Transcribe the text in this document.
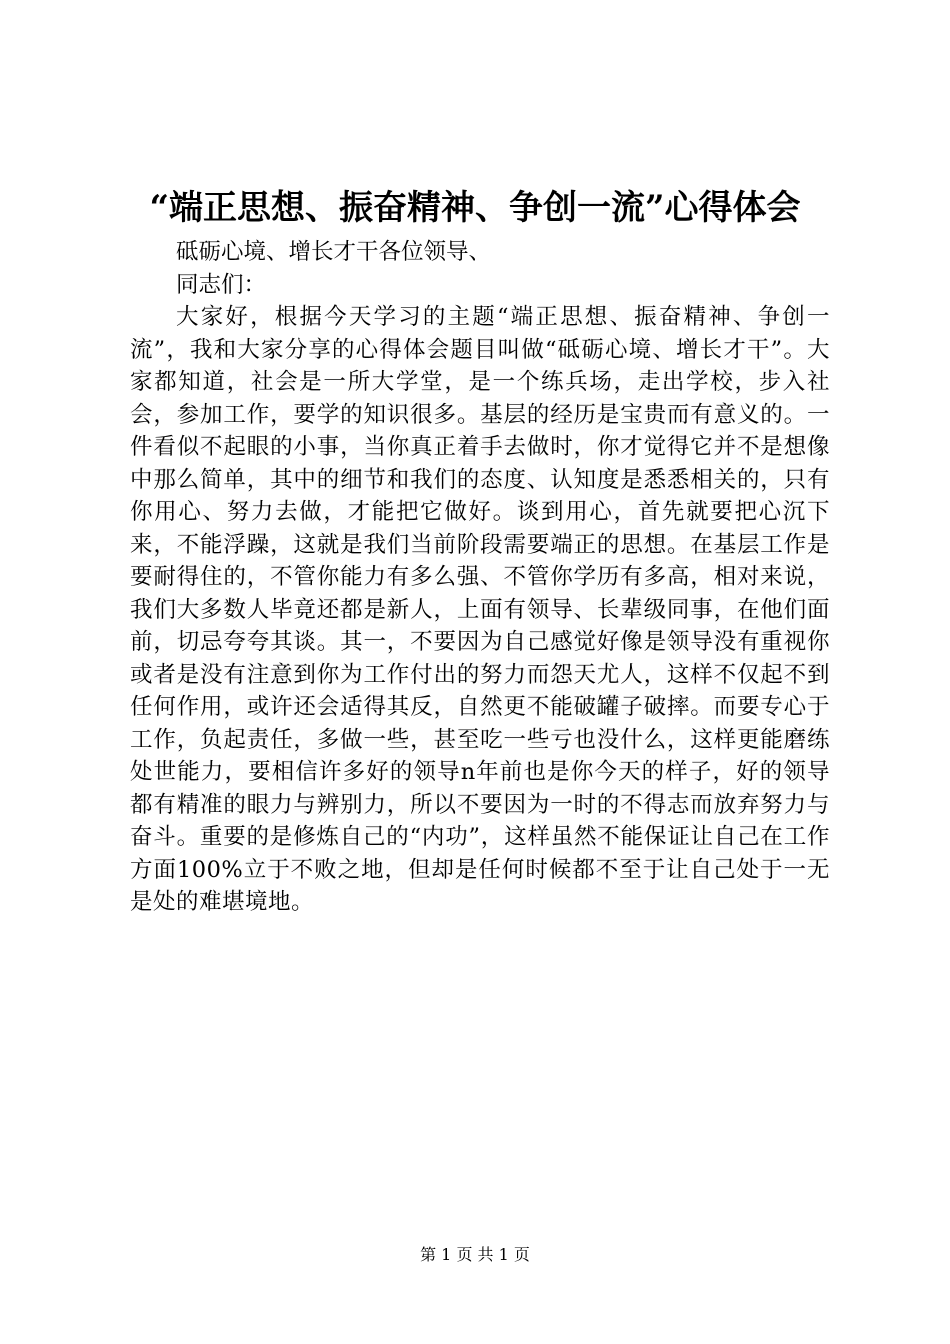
“端正思想、振奋精神、争创一流”心得体会
砥砺心境、增长才干各位领导、
同志们：
大家好，根据今天学习的主题“端正思想、振奋精神、争创一流”，我和大家分享的心得体会题目叫做“砥砺心境、增长才干”。大家都知道，社会是一所大学堂，是一个练兵场，走出学校，步入社会，参加工作，要学的知识很多。基层的经历是宝贵而有意义的。一件看似不起眼的小事，当你真正着手去做时，你才觉得它并不是想像中那么简单，其中的细节和我们的态度、认知度是悉悉相关的，只有你用心、努力去做，才能把它做好。谈到用心，首先就要把心沉下来，不能浮躁，这就是我们当前阶段需要端正的思想。在基层工作是要耐得住的，不管你能力有多么强、不管你学历有多高，相对来说，我们大多数人毕竟还都是新人，上面有领导、长辈级同事，在他们面前，切忌夸夸其谈。其一，不要因为自己感觉好像是领导没有重视你或者是没有注意到你为工作付出的努力而怨天尤人，这样不仅起不到任何作用，或许还会适得其反，自然更不能破罐子破摔。而要专心于工作，负起责任，多做一些，甚至吃一些亏也没什么，这样更能磨练处世能力，要相信许多好的领导n年前也是你今天的样子，好的领导都有精准的眼力与辨别力，所以不要因为一时的不得志而放弃努力与奋斗。重要的是修炼自己的“内功”，这样虽然不能保证让自己在工作方面100%立于不败之地，但却是任何时候都不至于让自己处于一无是处的难堪境地。
第 1 页 共 1 页
